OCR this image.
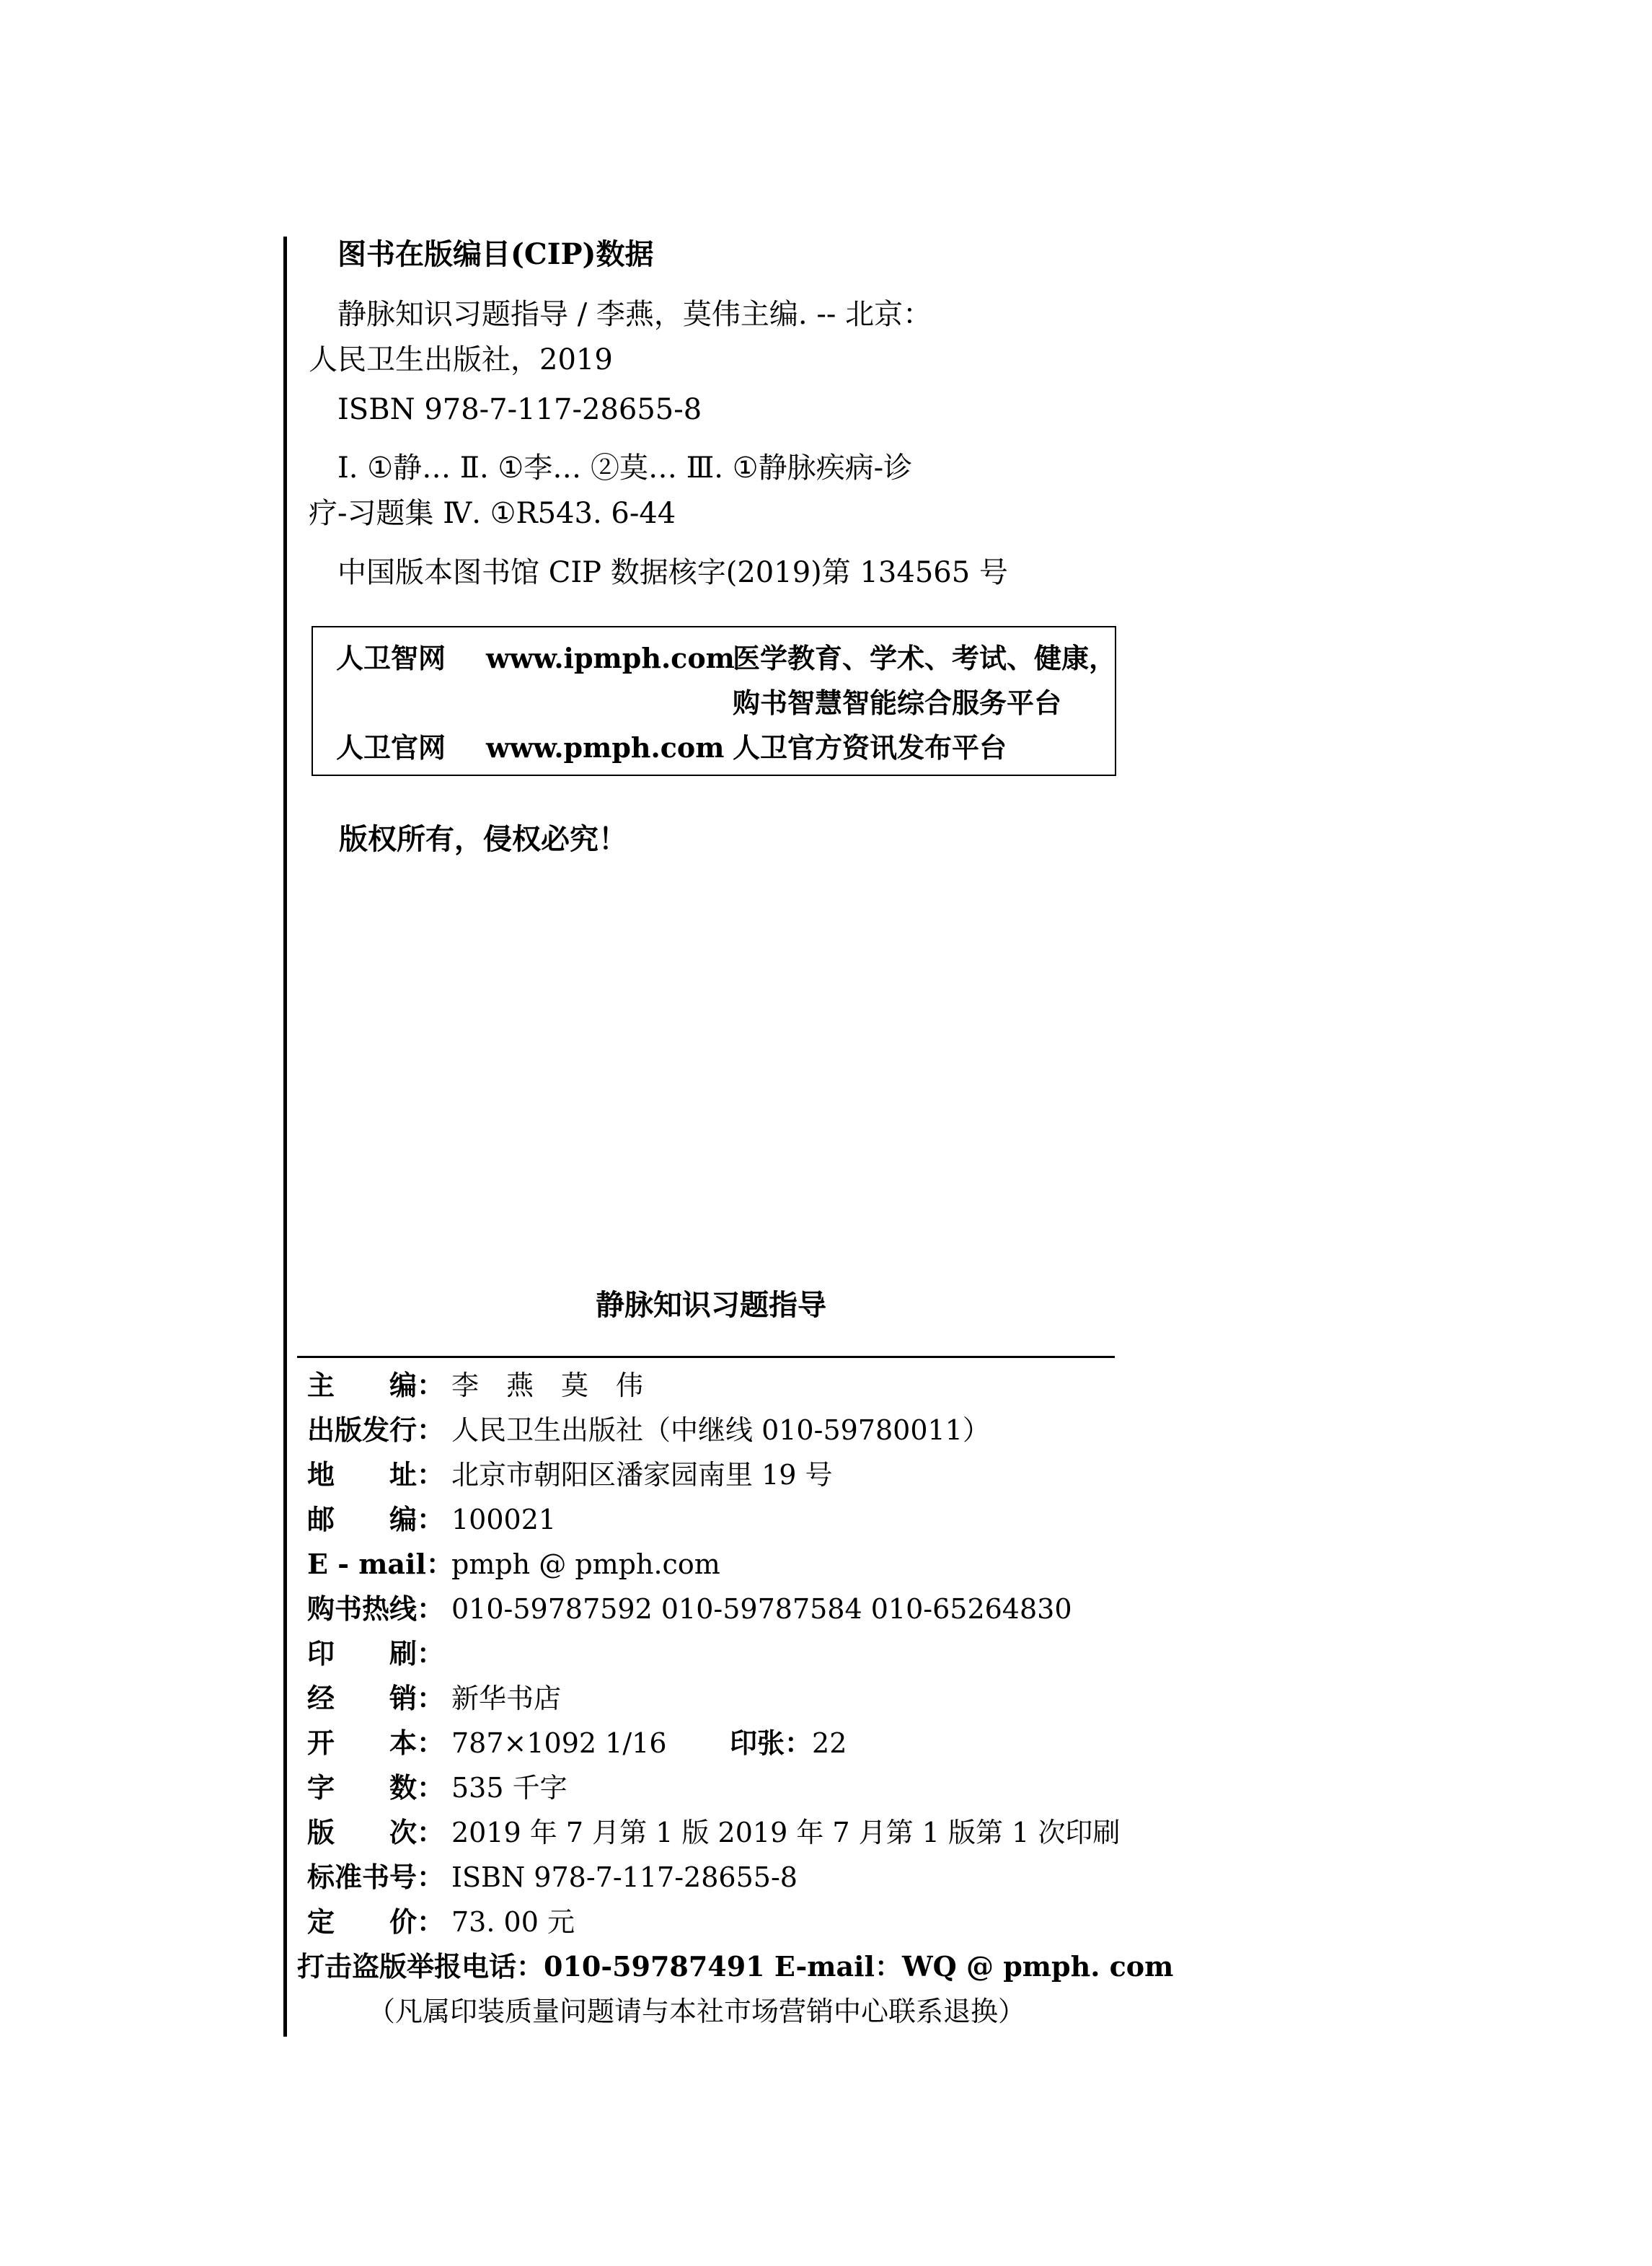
图书在版编目(CIP)数据
静脉知识习题指导 / 李燕，莫伟主编. -- 北京：
人民卫生出版社，2019
ISBN 978-7-117-28655-8
Ⅰ. ①静… Ⅱ. ①李… ②莫… Ⅲ. ①静脉疾病-诊
疗-习题集 Ⅳ. ①R543. 6-44
中国版本图书馆 CIP 数据核字(2019)第 134565 号
人卫智网 www.ipmph.com
医学教育、学术、考试、健康，
购书智慧智能综合服务平台
人卫官网 www.pmph.com 人卫官方资讯发布平台
版权所有，侵权必究！
静脉知识习题指导
主　　编： 李　燕　莫　伟
出版发行： 人民卫生出版社（中继线 010-59780011）
地　　址： 北京市朝阳区潘家园南里 19 号
邮　　编： 100021
E - mail：pmph @ pmph.com
购书热线： 010-59787592 010-59787584 010-65264830
印　　刷：
经　　销： 新华书店
开　　本： 787×1092 1/16 印张：22
字　　数： 535 千字
版　　次： 2019 年 7 月第 1 版 2019 年 7 月第 1 版第 1 次印刷
标准书号： ISBN 978-7-117-28655-8
定　　价： 73. 00 元
打击盗版举报电话：010-59787491 E-mail：WQ @ pmph. com
（凡属印装质量问题请与本社市场营销中心联系退换）
